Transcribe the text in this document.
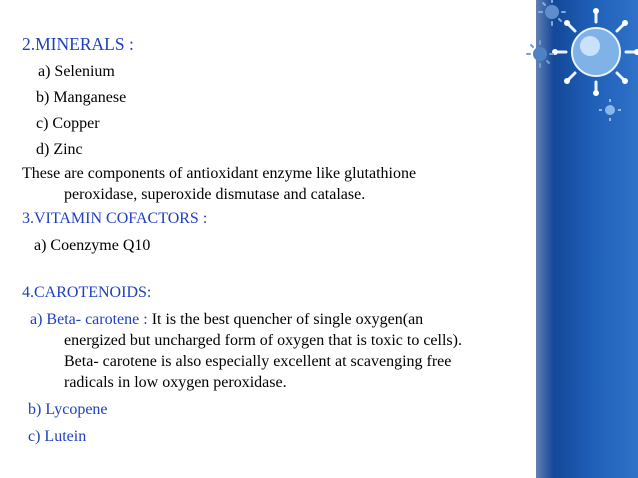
2.MINERALS :
a) Selenium
b) Manganese
c) Copper
d) Zinc
These are components of antioxidant enzyme like glutathione
peroxidase, superoxide dismutase and catalase.
3.VITAMIN COFACTORS :
a) Coenzyme Q10
4.CAROTENOIDS:
a) Beta- carotene : It is the best quencher of single oxygen(an
energized but uncharged form of oxygen that is toxic to cells).
Beta- carotene is also especially excellent at scavenging free
radicals in low oxygen peroxidase.
b) Lycopene
c) Lutein
